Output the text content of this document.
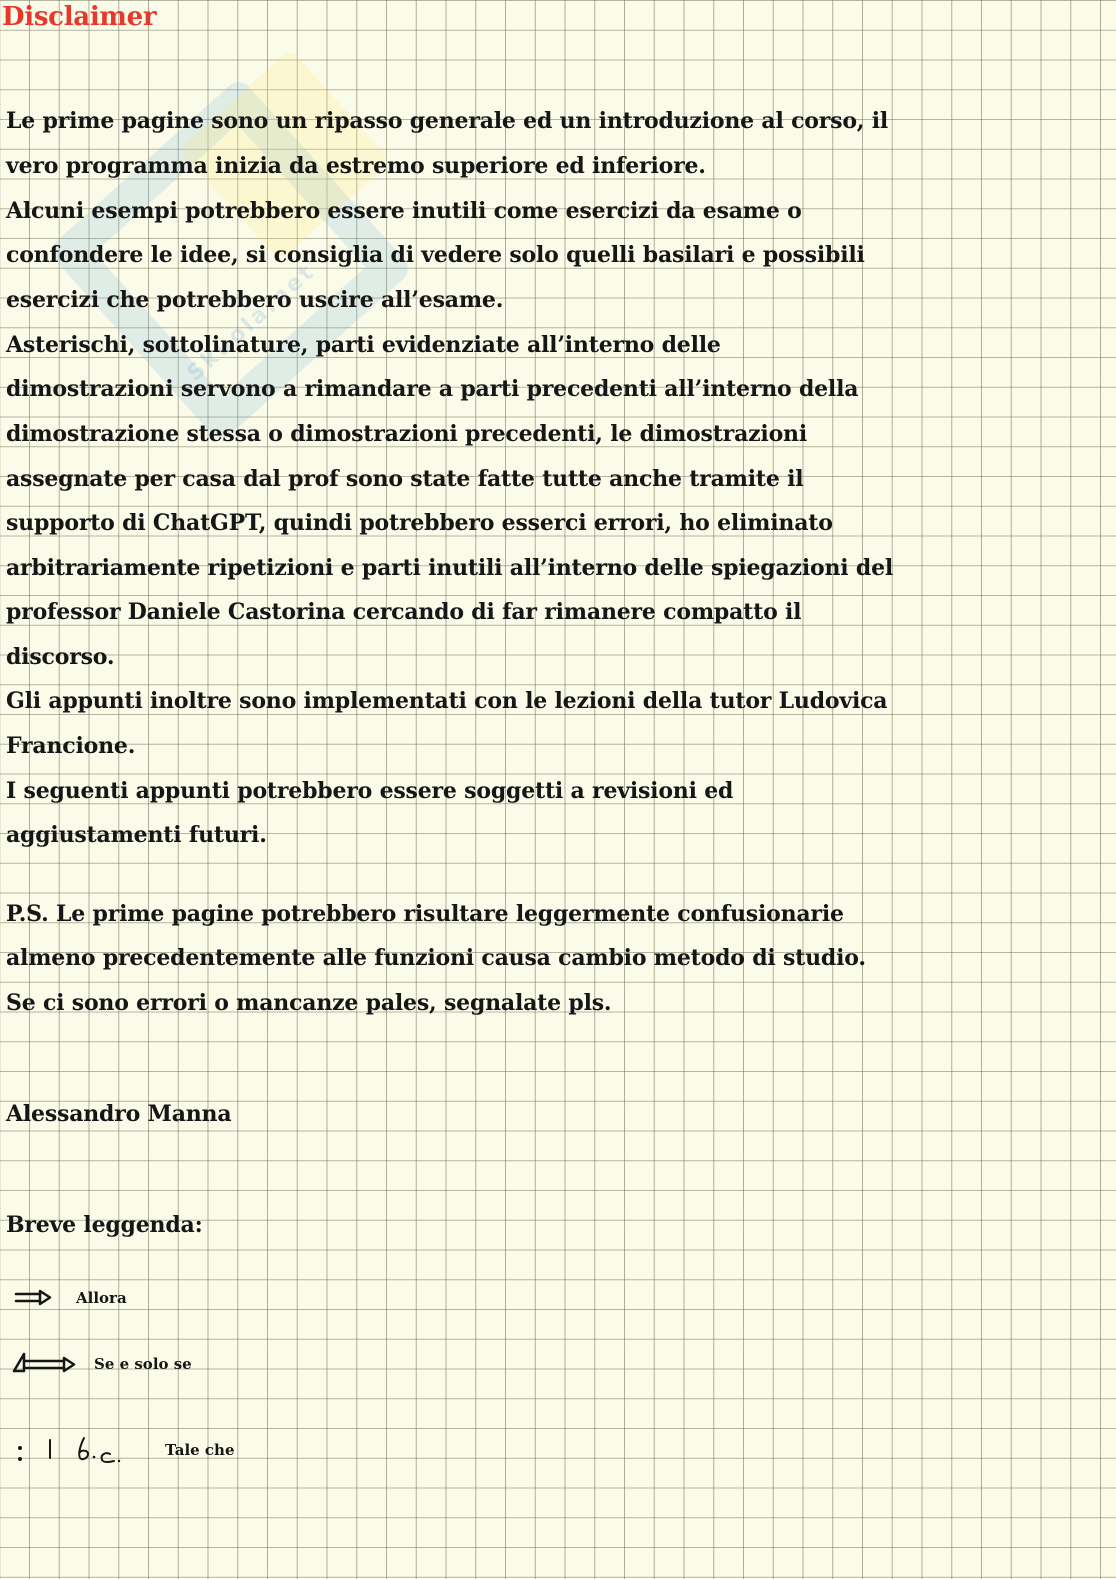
Skuola.net
Disclaimer
Le prime pagine sono un ripasso generale ed un introduzione al corso, il
vero programma inizia da estremo superiore ed inferiore.
Alcuni esempi potrebbero essere inutili come esercizi da esame o
confondere le idee, si consiglia di vedere solo quelli basilari e possibili
esercizi che potrebbero uscire all’esame.
Asterischi, sottolinature, parti evidenziate all’interno delle
dimostrazioni servono a rimandare a parti precedenti all’interno della
dimostrazione stessa o dimostrazioni precedenti, le dimostrazioni
assegnate per casa dal prof sono state fatte tutte anche tramite il
supporto di ChatGPT, quindi potrebbero esserci errori, ho eliminato
arbitrariamente ripetizioni e parti inutili all’interno delle spiegazioni del
professor Daniele Castorina cercando di far rimanere compatto il
discorso.
Gli appunti inoltre sono implementati con le lezioni della tutor Ludovica
Francione.
I seguenti appunti potrebbero essere soggetti a revisioni ed
aggiustamenti futuri.
P.S. Le prime pagine potrebbero risultare leggermente confusionarie
almeno precedentemente alle funzioni causa cambio metodo di studio.
Se ci sono errori o mancanze pales, segnalate pls.
Alessandro Manna
Breve leggenda:
Allora
Se e solo se
Tale che
